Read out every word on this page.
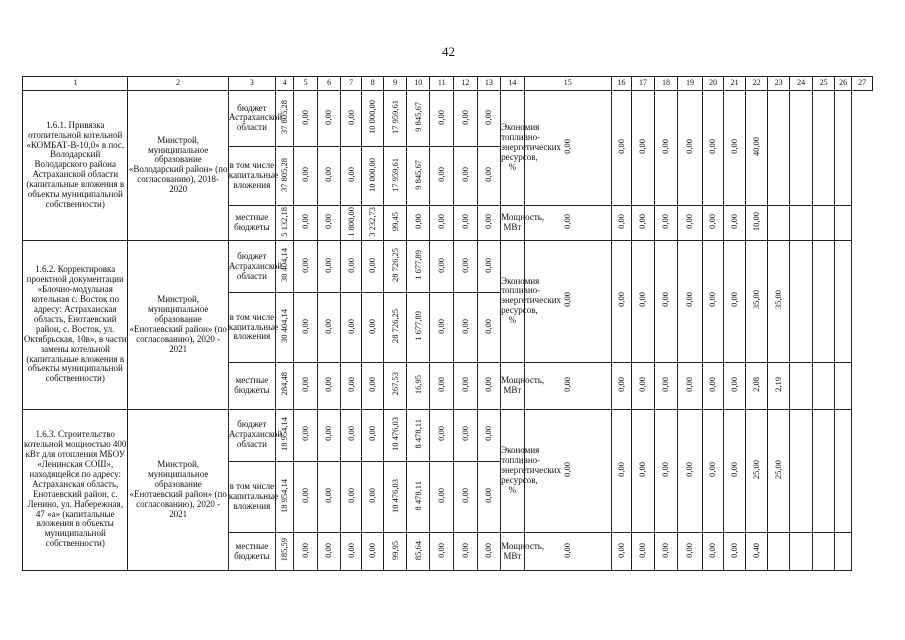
42
1	2	3	4	5	6	7	8	9	10	11	12	13	14	15	16	17	18	19	20	21	22	23	24	25	26	27
1.6.1. Привязка отопительной котельной «КОМБАТ-В-10,0» в пос. Володарский Володарского района Астраханской области (капитальные вложения в объекты муниципальной собственности)	Минстрой, муниципальное образование «Володарский район» (по согласованию), 2018-2020	бюджет Астраханской области	37 805,28	0,00	0,00	0,00	10 000,00	17 959,61	9 845,67	0,00	0,00	0,00	Экономия топливно-энергетических ресурсов, %	0,00	0,00	0,00	0,00	0,00	0,00	0,00	40,00					
		в том числе капитальные вложения	37 805,28	0,00	0,00	0,00	10 000,00	17 959,61	9 845,67	0,00	0,00	0,00														
		местные бюджеты	5 132,18	0,00	0,00	1 800,00	3 232,73	99,45	0,00	0,00	0,00	0,00	Мощность, МВт	0,00	0,00	0,00	0,00	0,00	0,00	0,00	10,00					
1.6.2. Корректировка проектной документации «Блочно-модульная котельная с. Восток по адресу: Астраханская область, Енотаевский район, с. Восток, ул. Октябрьская, 10в», в части замены котельной (капитальные вложения в объекты муниципальной собственности)	Минстрой, муниципальное образование «Енотаевский район» (по согласованию), 2020 - 2021	бюджет Астраханской области	30 404,14	0,00	0,00	0,00	0,00	28 726,25	1 677,89	0,00	0,00	0,00	Экономия топливно-энергетических ресурсов, %	0,00	0,00	0,00	0,00	0,00	0,00	0,00	35,00	35,00				
		в том числе капитальные вложения	30 404,14	0,00	0,00	0,00	0,00	28 726,25	1 677,89	0,00	0,00	0,00														
		местные бюджеты	284,48	0,00	0,00	0,00	0,00	267,53	16,95	0,00	0,00	0,00	Мощность, МВт	0,00	0,00	0,00	0,00	0,00	0,00	0,00	2,08	2,19				
1.6.3. Строительство котельной мощностью 400 кВт для отопления МБОУ «Ленинская СОШ», находящейся по адресу: Астраханская область, Енотаевский район, с. Ленино, ул. Набережная, 47 «а» (капитальные вложения в объекты муниципальной собственности)	Минстрой, муниципальное образование «Енотаевский район» (по согласованию), 2020 - 2021	бюджет Астраханской области	18 954,14	0,00	0,00	0,00	0,00	10 476,03	8 478,11	0,00	0,00	0,00	Экономия топливно-энергетических ресурсов, %	0,00	0,00	0,00	0,00	0,00	0,00	0,00	25,00	25,00				
		в том числе капитальные вложения	18 954,14	0,00	0,00	0,00	0,00	10 476,03	8 478,11	0,00	0,00	0,00														
		местные бюджеты	185,59	0,00	0,00	0,00	0,00	99,95	85,64	0,00	0,00	0,00	Мощность, МВт	0,00	0,00	0,00	0,00	0,00	0,00	0,00	0,40					
